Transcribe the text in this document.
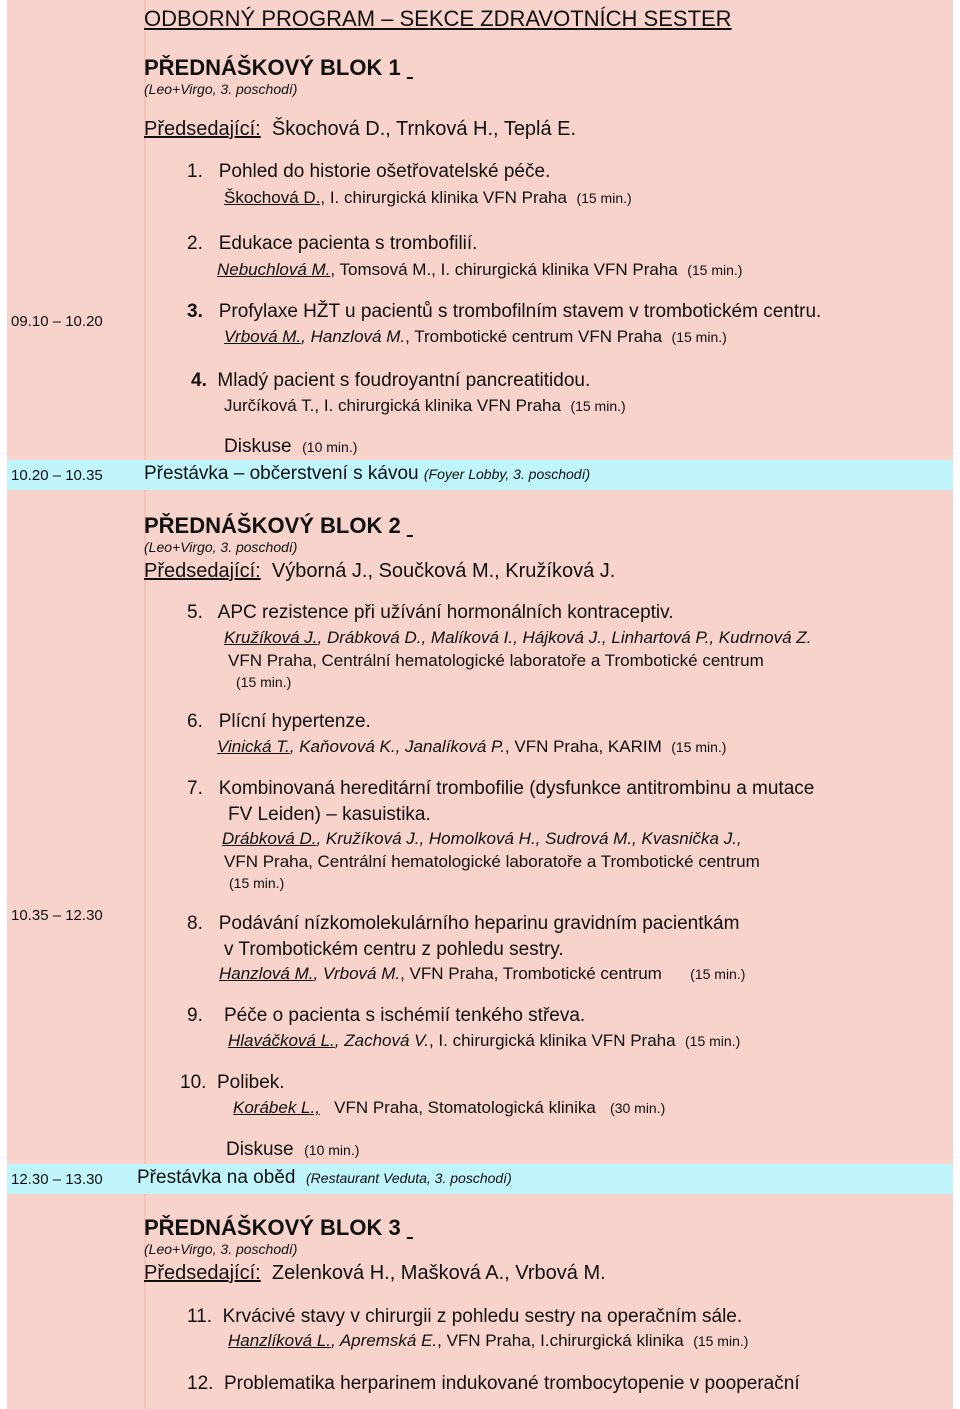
ODBORNÝ PROGRAM – SEKCE ZDRAVOTNÍCH SESTER
PŘEDNÁŠKOVÝ BLOK 1
(Leo+Virgo, 3. poschodí)
Předsedající: Škochová D., Trnková H., Teplá E.
09.10 – 10.20
1. Pohled do historie ošetřovatelské péče.
Škochová D., I. chirurgická klinika VFN Praha (15 min.)
2. Edukace pacienta s trombofilií.
Nebuchlová M., Tomsová M., I. chirurgická klinika VFN Praha (15 min.)
3. Profylaxe HŽT u pacientů s trombofilním stavem v trombotickém centru.
Vrbová M., Hanzlová M., Trombotické centrum VFN Praha (15 min.)
4. Mladý pacient s foudroyantní pancreatitidou.
Jurčíková T., I. chirurgická klinika VFN Praha (15 min.)
Diskuse (10 min.)
10.20 – 10.35 Přestávka – občerstvení s kávou (Foyer Lobby, 3. poschodí)
PŘEDNÁŠKOVÝ BLOK 2
(Leo+Virgo, 3. poschodí)
Předsedající: Výborná J., Součková M., Kružíková J.
10.35 – 12.30
5. APC rezistence při užívání hormonálních kontraceptiv.
Kružíková J., Drábková D., Malíková I., Hájková J., Linhartová P., Kudrnová Z.
VFN Praha, Centrální hematologické laboratoře a Trombotické centrum
(15 min.)
6. Plícní hypertenze.
Vinická T., Kaňovová K., Janalíková P., VFN Praha, KARIM (15 min.)
7. Kombinovaná hereditární trombofilie (dysfunkce antitrombinu a mutace
FV Leiden) – kasuistika.
Drábková D., Kružíková J., Homolková H., Sudrová M., Kvasnička J.,
VFN Praha, Centrální hematologické laboratoře a Trombotické centrum
(15 min.)
8. Podávání nízkomolekulárního heparinu gravidním pacientkám
v Trombotickém centru z pohledu sestry.
Hanzlová M., Vrbová M., VFN Praha, Trombotické centrum (15 min.)
9. Péče o pacienta s ischémií tenkého střeva.
Hlaváčková L., Zachová V., I. chirurgická klinika VFN Praha (15 min.)
10. Polibek.
Korábek L., VFN Praha, Stomatologická klinika (30 min.)
Diskuse (10 min.)
12.30 – 13.30 Přestávka na oběd (Restaurant Veduta, 3. poschodí)
PŘEDNÁŠKOVÝ BLOK 3
(Leo+Virgo, 3. poschodí)
Předsedající: Zelenková H., Mašková A., Vrbová M.
11. Krvácivé stavy v chirurgii z pohledu sestry na operačním sále.
Hanzlíková L., Apremská E., VFN Praha, I.chirurgická klinika (15 min.)
12. Problematika herparinem indukované trombocytopenie v pooperační
